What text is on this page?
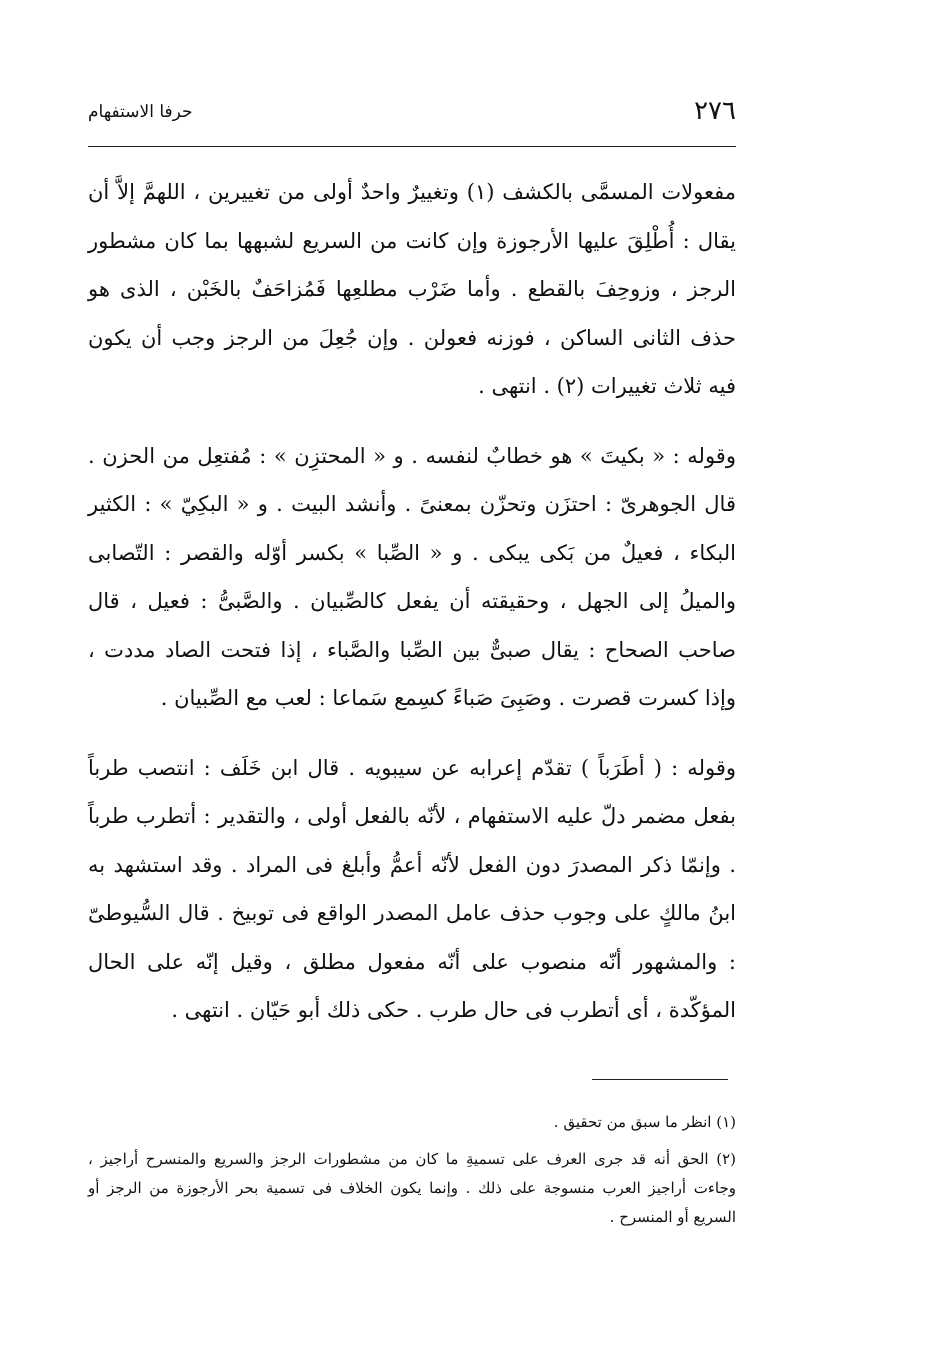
٢٧٦
حرفا الاستفهام

مفعولات المسمَّى بالكشف (١) وتغييرٌ واحدٌ أولى من تغييرين ، اللهمَّ إلاَّ أن يقال : أُطْلِقَ عليها الأرجوزة وإن كانت من السريع لشبهها بما كان مشطور الرجز ، وزوحِفَ بالقطع . وأما ضَرْب مطلعِها فَمُزاحَفٌ بالخَبْن ، الذى هو حذف الثانى الساكن ، فوزنه فعولن . وإن جُعِلَ من الرجز وجب أن يكون فيه ثلاث تغييرات (٢) . انتهى .

وقوله : « بكيتَ » هو خطابٌ لنفسه . و « المحتزِن » : مُفتعِل من الحزن . قال الجوهرىّ : احتزَن وتحزّن بمعنىً . وأنشد البيت . و « البكِيّ » : الكثير البكاء ، فعيلٌ من بَكى يبكى . و « الصِّبا » بكسر أوّله والقصر : التّصابى والميلُ إلى الجهل ، وحقيقته أن يفعل كالصِّبيان . والصَّبىُّ : فعيل ، قال صاحب الصحاح : يقال صبىٌّ بين الصِّبا والصَّباء ، إذا فتحت الصاد مددت ، وإذا كسرت قصرت . وصَبِىَ صَباءً كسِمع سَماعا : لعب مع الصِّبيان .

وقوله : ( أطَرَباً ) تقدّم إعرابه عن سيبويه . قال ابن خَلَف : انتصب طرباً بفعل مضمر دلّ عليه الاستفهام ، لأنّه بالفعل أولى ، والتقدير : أتطرب طرباً . وإنمّا ذكر المصدرَ دون الفعل لأنّه أعمُّ وأبلغ فى المراد . وقد استشهد به ابنُ مالكٍ على وجوب حذف عامل المصدر الواقع فى توبيخ . قال السُّيوطىّ : والمشهور أنّه منصوب على أنّه مفعول مطلق ، وقيل إنّه على الحال المؤكّدة ، أى أتطرب فى حال طرب . حكى ذلك أبو حَيّان . انتهى .

(١) انظر ما سبق من تحقيق .

(٢) الحق أنه قد جرى العرف على تسميةِ ما كان من مشطورات الرجز والسريع والمنسرح أراجيز ، وجاءت أراجيز العرب منسوجة على ذلك . وإنما يكون الخلاف فى تسمية بحر الأرجوزة من الرجز أو السريع أو المنسرح .
